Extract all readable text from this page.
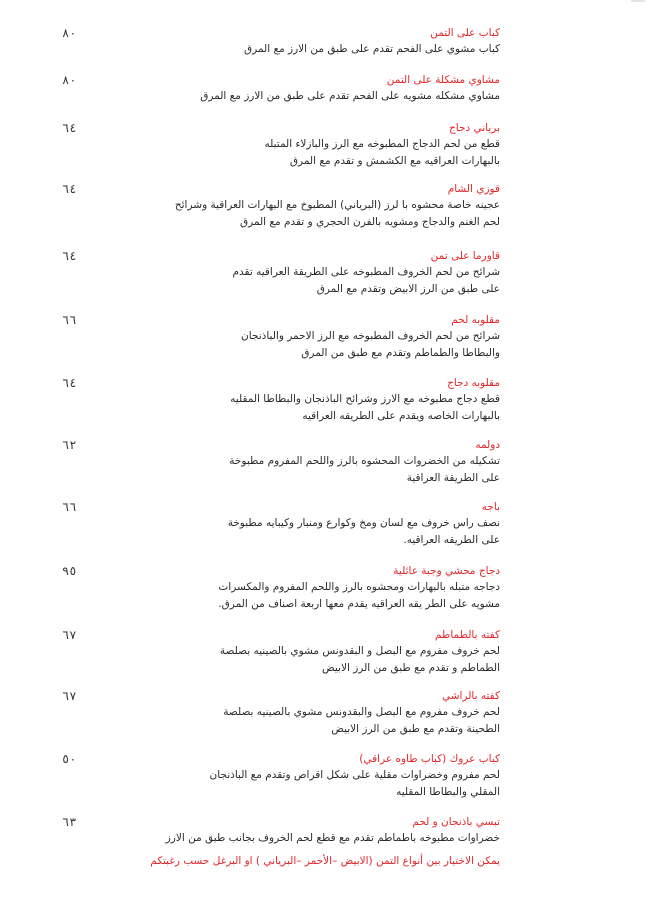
٨٠	كباب على التمن
كباب مشوي على الفحم تقدم على طبق من الارز مع المرق
٨٠	مشاوي مشكلة على التمن
مشاوي مشكله مشويه على الفحم تقدم على طبق من الارز مع المرق
٦٤	برياني دجاج
قطع من لحم الدجاج المطبوخه مع الرز والبازلاء المتبله
بالبهارات العراقيه مع الكشمش و تقدم مع المرق
٦٤	قوزي الشام
عجينه خاصة محشوه با لرز (البرياني) المطبوخ مع البهارات العراقية وشرائح
لحم الغنم والدجاج ومشويه بالفرن الحجري و تقدم مع المرق
٦٤	قاورما على تمن
شرائح من لحم الخروف المطبوخه على الطريقة العراقيه تقدم
على طبق من الرز الابيض وتقدم مع المرق
٦٦	مقلوبه لحم
شرائح من لحم الخروف المطبوخه مع الرز الاحمر والباذنجان
والبطاطا والطماطم وتقدم مع طبق من المرق
٦٤	مقلوبه دجاج
قطع دجاج مطبوخه مع الارز وشرائح الباذنجان والبطاطا المقليه
بالبهارات الخاصه ويقدم على الطريقه العراقيه
٦٢	دولمه
تشكيله من الخضروات المحشوه بالرز واللحم المفروم مطبوخة
على الطريقة العراقية
٦٦	باجه
نصف راس خروف مع لسان ومخ وكوارع ومنبار وكيبايه مطبوخة
على الطريقه العراقيه.
٩٥	دجاج محشي وجبة عائلية
دجاجه متبله بالبهارات ومحشوه بالرز واللحم المفروم والمكسرات
مشويه على الطر يقه العراقيه يقدم معها اربعة اصناف من المرق.
٦٧	كفته بالطماطم
لحم خروف مفروم مع البصل و البقدونس مشوي بالصينيه بصلصة
الطماطم و تقدم مع طبق من الرز الابيض
٦٧	كفته بالراشي
لحم خروف مفروم مع البصل والبقدونس مشوي بالصينيه بصلصة
الطحينة وتقدم مع طبق من الرز الابيض
٥٠	كباب عروك (كباب طاوه عراقي)
لحم مفروم وخضراوات مقلية على شكل اقراص وتقدم مع الباذنجان
المقلي والبطاطا المقليه
٦٣	تبسي باذنجان و لحم
خضراوات مطبوخه باطماطم تقدم مع قطع لحم الخروف بجانب طبق من الارز
يمكن الاختيار بين أنواع التمن (الابيض –الأحمر –البرياني ) او البرغل حسب رغبتكم
